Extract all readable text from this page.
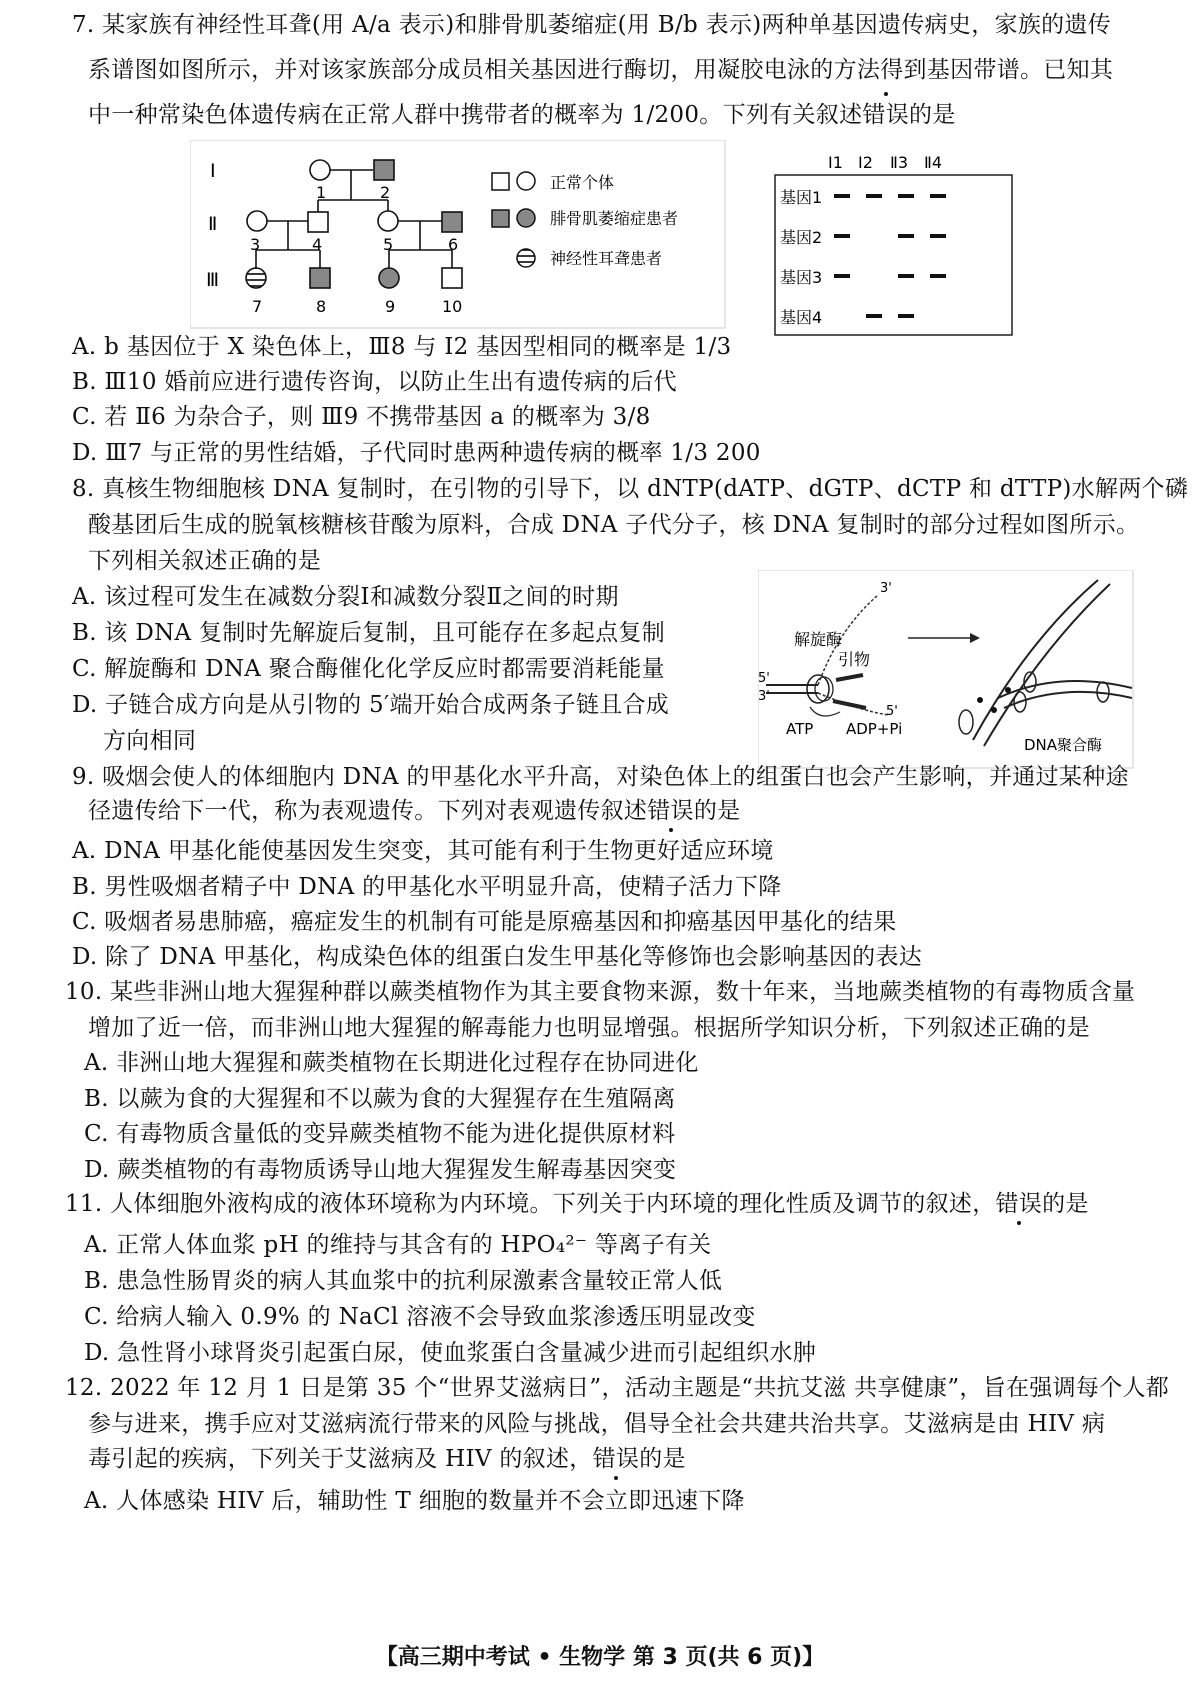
7. 某家族有神经性耳聋(用 A/a 表示)和腓骨肌萎缩症(用 B/b 表示)两种单基因遗传病史，家族的遗传
系谱图如图所示，并对该家族部分成员相关基因进行酶切，用凝胶电泳的方法得到基因带谱。已知其
中一种常染色体遗传病在正常人群中携带者的概率为 1/200。下列有关叙述错误的是
Ⅰ
Ⅱ
Ⅲ
1	2
3	4	5	6
7	8	9	10
正常个体
腓骨肌萎缩症患者
神经性耳聋患者
Ⅰ1 Ⅰ2 Ⅱ3 Ⅱ4
基因1
基因2
基因3
基因4
A. b 基因位于 X 染色体上，Ⅲ8 与 Ⅰ2 基因型相同的概率是 1/3
B. Ⅲ10 婚前应进行遗传咨询，以防止生出有遗传病的后代
C. 若 Ⅱ6 为杂合子，则 Ⅲ9 不携带基因 a 的概率为 3/8
D. Ⅲ7 与正常的男性结婚，子代同时患两种遗传病的概率 1/3 200
8. 真核生物细胞核 DNA 复制时，在引物的引导下，以 dNTP(dATP、dGTP、dCTP 和 dTTP)水解两个磷
酸基团后生成的脱氧核糖核苷酸为原料，合成 DNA 子代分子，核 DNA 复制时的部分过程如图所示。
下列相关叙述正确的是
A. 该过程可发生在减数分裂Ⅰ和减数分裂Ⅱ之间的时期
B. 该 DNA 复制时先解旋后复制，且可能存在多起点复制
C. 解旋酶和 DNA 聚合酶催化化学反应时都需要消耗能量
D. 子链合成方向是从引物的 5′端开始合成两条子链且合成
方向相同
3'
5'
3'
5'
解旋酶
引物
ATP ADP+Pi
DNA聚合酶
9. 吸烟会使人的体细胞内 DNA 的甲基化水平升高，对染色体上的组蛋白也会产生影响，并通过某种途
径遗传给下一代，称为表观遗传。下列对表观遗传叙述错误的是
A. DNA 甲基化能使基因发生突变，其可能有利于生物更好适应环境
B. 男性吸烟者精子中 DNA 的甲基化水平明显升高，使精子活力下降
C. 吸烟者易患肺癌，癌症发生的机制有可能是原癌基因和抑癌基因甲基化的结果
D. 除了 DNA 甲基化，构成染色体的组蛋白发生甲基化等修饰也会影响基因的表达
10. 某些非洲山地大猩猩种群以蕨类植物作为其主要食物来源，数十年来，当地蕨类植物的有毒物质含量
增加了近一倍，而非洲山地大猩猩的解毒能力也明显增强。根据所学知识分析，下列叙述正确的是
A. 非洲山地大猩猩和蕨类植物在长期进化过程存在协同进化
B. 以蕨为食的大猩猩和不以蕨为食的大猩猩存在生殖隔离
C. 有毒物质含量低的变异蕨类植物不能为进化提供原材料
D. 蕨类植物的有毒物质诱导山地大猩猩发生解毒基因突变
11. 人体细胞外液构成的液体环境称为内环境。下列关于内环境的理化性质及调节的叙述，错误的是
A. 正常人体血浆 pH 的维持与其含有的 HPO₄²⁻ 等离子有关
B. 患急性肠胃炎的病人其血浆中的抗利尿激素含量较正常人低
C. 给病人输入 0.9% 的 NaCl 溶液不会导致血浆渗透压明显改变
D. 急性肾小球肾炎引起蛋白尿，使血浆蛋白含量减少进而引起组织水肿
12. 2022 年 12 月 1 日是第 35 个“世界艾滋病日”，活动主题是“共抗艾滋 共享健康”，旨在强调每个人都
参与进来，携手应对艾滋病流行带来的风险与挑战，倡导全社会共建共治共享。艾滋病是由 HIV 病
毒引起的疾病，下列关于艾滋病及 HIV 的叙述，错误的是
A. 人体感染 HIV 后，辅助性 T 细胞的数量并不会立即迅速下降
【高三期中考试 • 生物学 第 3 页(共 6 页)】
